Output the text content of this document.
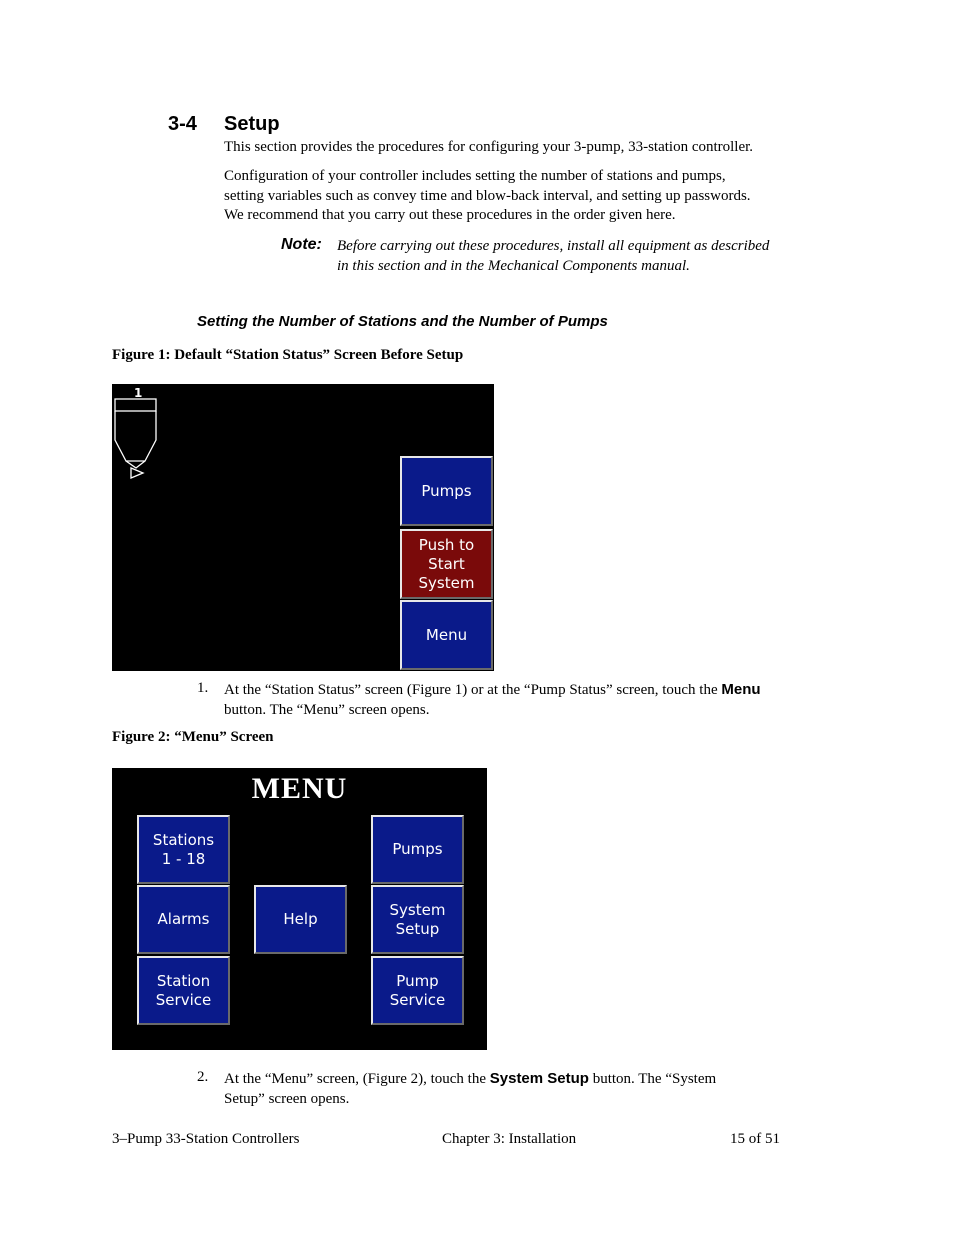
3-4 Setup

This section provides the procedures for configuring your 3-pump, 33-station controller.

Configuration of your controller includes setting the number of stations and pumps,

setting variables such as convey time and blow-back interval, and setting up passwords.

We recommend that you carry out these procedures in the order given here.

Note: Before carrying out these procedures, install all equipment as described
in this section and in the Mechanical Components manual.
Setting the Number of Stations and the Number of Pumps
Figure 1: Default “Station Status” Screen Before Setup
1
Pumps
Push to
Start
System
Menu
1. At the “Station Status” screen (Figure 1) or at the “Pump Status” screen, touch the Menu
button. The “Menu” screen opens.
Figure 2: “Menu” Screen
MENU
Stations
1 - 18
Pumps
Alarms	Help
System
Setup
Station
Service
Pump
Service
2. At the “Menu” screen, (Figure 2), touch the System Setup button. The “System
Setup” screen opens.
3–Pump 33-Station Controllers	Chapter 3: Installation	15 of 51
